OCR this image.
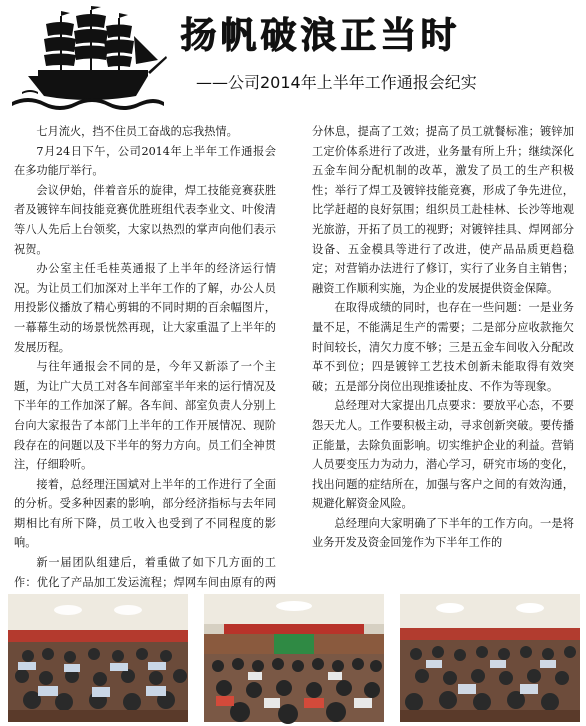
扬帆破浪正当时
——公司2014年上半年工作通报会纪实

七月流火，挡不住员工奋战的忘我热情。

7月24日下午，公司2014年上半年工作通报会在多功能厅举行。

会议伊始，伴着音乐的旋律，焊工技能竞赛获胜者及镀锌车间技能竞赛优胜班组代表李业文、叶俊清等八人先后上台领奖，大家以热烈的掌声向他们表示祝贺。

办公室主任毛桂英通报了上半年的经济运行情况。为让员工们加深对上半年工作的了解，办公人员用投影仪播放了精心剪辑的不同时期的百余幅图片，一幕幕生动的场景恍然再现，让大家重温了上半年的发展历程。

与往年通报会不同的是，今年又新添了一个主题，为让广大员工对各车间部室半年来的运行情况及下半年的工作加深了解。各车间、部室负责人分别上台向大家报告了本部门上半年的工作开展情况、现阶段存在的问题以及下半年的努力方向。员工们全神贯注，仔细聆听。

接着，总经理汪国斌对上半年的工作进行了全面的分析。受多种因素的影响，部分经济指标与去年同期相比有所下降，员工收入也受到了不同程度的影响。

新一届团队组建后，着重做了如下几方面的工作：优化了产品加工发运流程；焊网车间由原有的两

分休息，提高了工效；提高了员工就餐标准；镀锌加工定价体系进行了改进，业务量有所上升；继续深化五金车间分配机制的改革，激发了员工的生产积极性；举行了焊工及镀锌技能竞赛，形成了争先进位，比学赶超的良好氛围；组织员工赴桂林、长沙等地观光旅游，开拓了员工的视野；对镀锌挂具、焊网部分设备、五金模具等进行了改进，使产品品质更趋稳定；对营销办法进行了修订，实行了业务自主销售；融资工作顺利实施，为企业的发展提供资金保障。

在取得成绩的同时，也存在一些问题：一是业务量不足，不能满足生产的需要；二是部分应收款拖欠时间较长，清欠力度不够；三是五金车间收入分配改革不到位；四是镀锌工艺技术创新未能取得有效突破；五是部分岗位出现推诿扯皮、不作为等现象。

总经理对大家提出几点要求：要放平心态，不要怨天尤人。工作要积极主动，寻求创新突破。要传播正能量，去除负面影响。切实维护企业的利益。营销人员要变压力为动力，潜心学习，研究市场的变化，找出问题的症结所在，加强与客户之间的有效沟通，规避化解资金风险。

总经理向大家明确了下半年的工作方向。一是将业务开发及资金回笼作为下半年工作的
